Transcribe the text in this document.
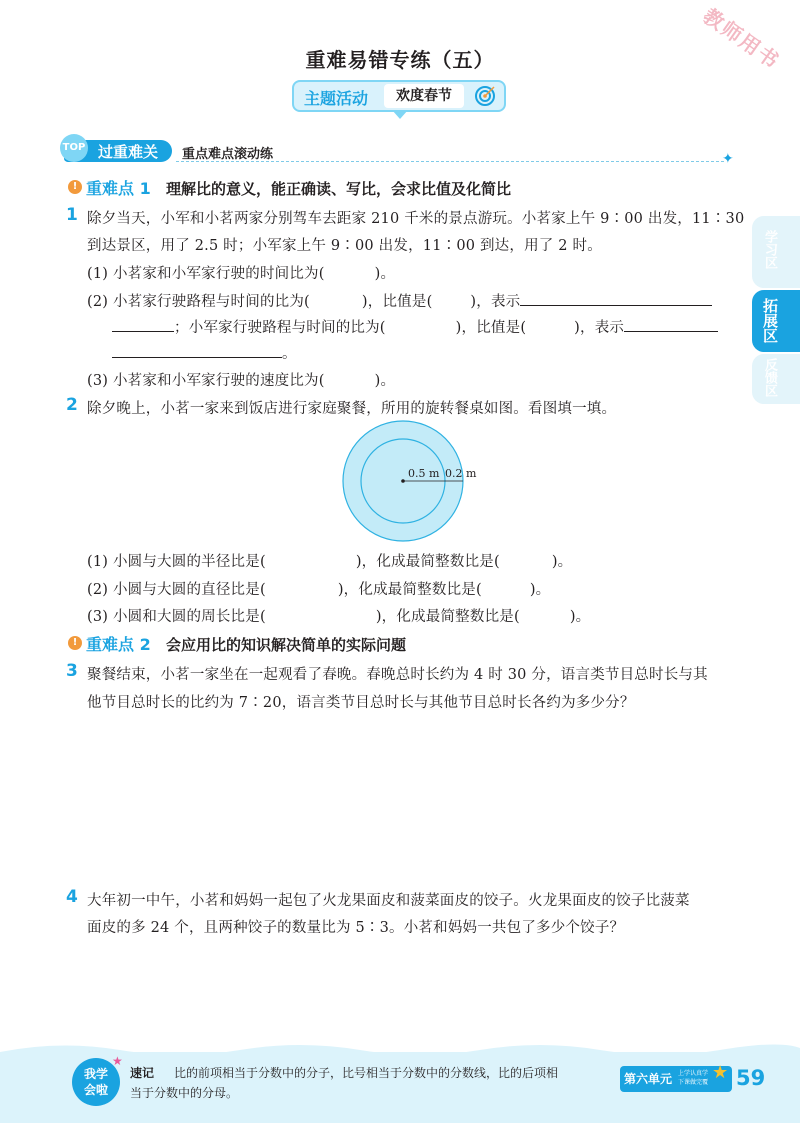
教师用书
重难易错专练（五）
主题活动	欢度春节
TOP 过重难关 重点难点滚动练	✦
学习区
拓展区
反馈区
! 重难点 1 理解比的意义，能正确读、写比，会求比值及化简比
1 除夕当天，小军和小茗两家分别驾车去距家 210 千米的景点游玩。小茗家上午 9∶00 出发，11∶30
到达景区，用了 2.5 时；小军家上午 9∶00 出发，11∶00 到达，用了 2 时。
(1) 小茗家和小军家行驶的时间比为(	)。
(2) 小茗家行驶路程与时间的比为(	)，比值是(	)，表示
；小军家行驶路程与时间的比为(	)，比值是(	)，表示
。
(3) 小茗家和小军家行驶的速度比为(	)。
2 除夕晚上，小茗一家来到饭店进行家庭聚餐，所用的旋转餐桌如图。看图填一填。
0.5 m 0.2 m
(1) 小圆与大圆的半径比是(	)，化成最简整数比是(	)。
(2) 小圆与大圆的直径比是(	)，化成最简整数比是(	)。
(3) 小圆和大圆的周长比是(	)，化成最简整数比是(	)。
! 重难点 2 会应用比的知识解决简单的实际问题
3 聚餐结束，小茗一家坐在一起观看了春晚。春晚总时长约为 4 时 30 分，语言类节目总时长与其
他节目总时长的比约为 7∶20，语言类节目总时长与其他节目总时长各约为多少分？
4 大年初一中午，小茗和妈妈一起包了火龙果面皮和菠菜面皮的饺子。火龙果面皮的饺子比菠菜
面皮的多 24 个，且两种饺子的数量比为 5∶3。小茗和妈妈一共包了多少个饺子？
我学会啦
★
速记 比的前项相当于分数中的分子，比号相当于分数中的分数线，比的后项相
当于分数中的分母。
第六单元 上学认真学
下课做完覆 ★ 59
